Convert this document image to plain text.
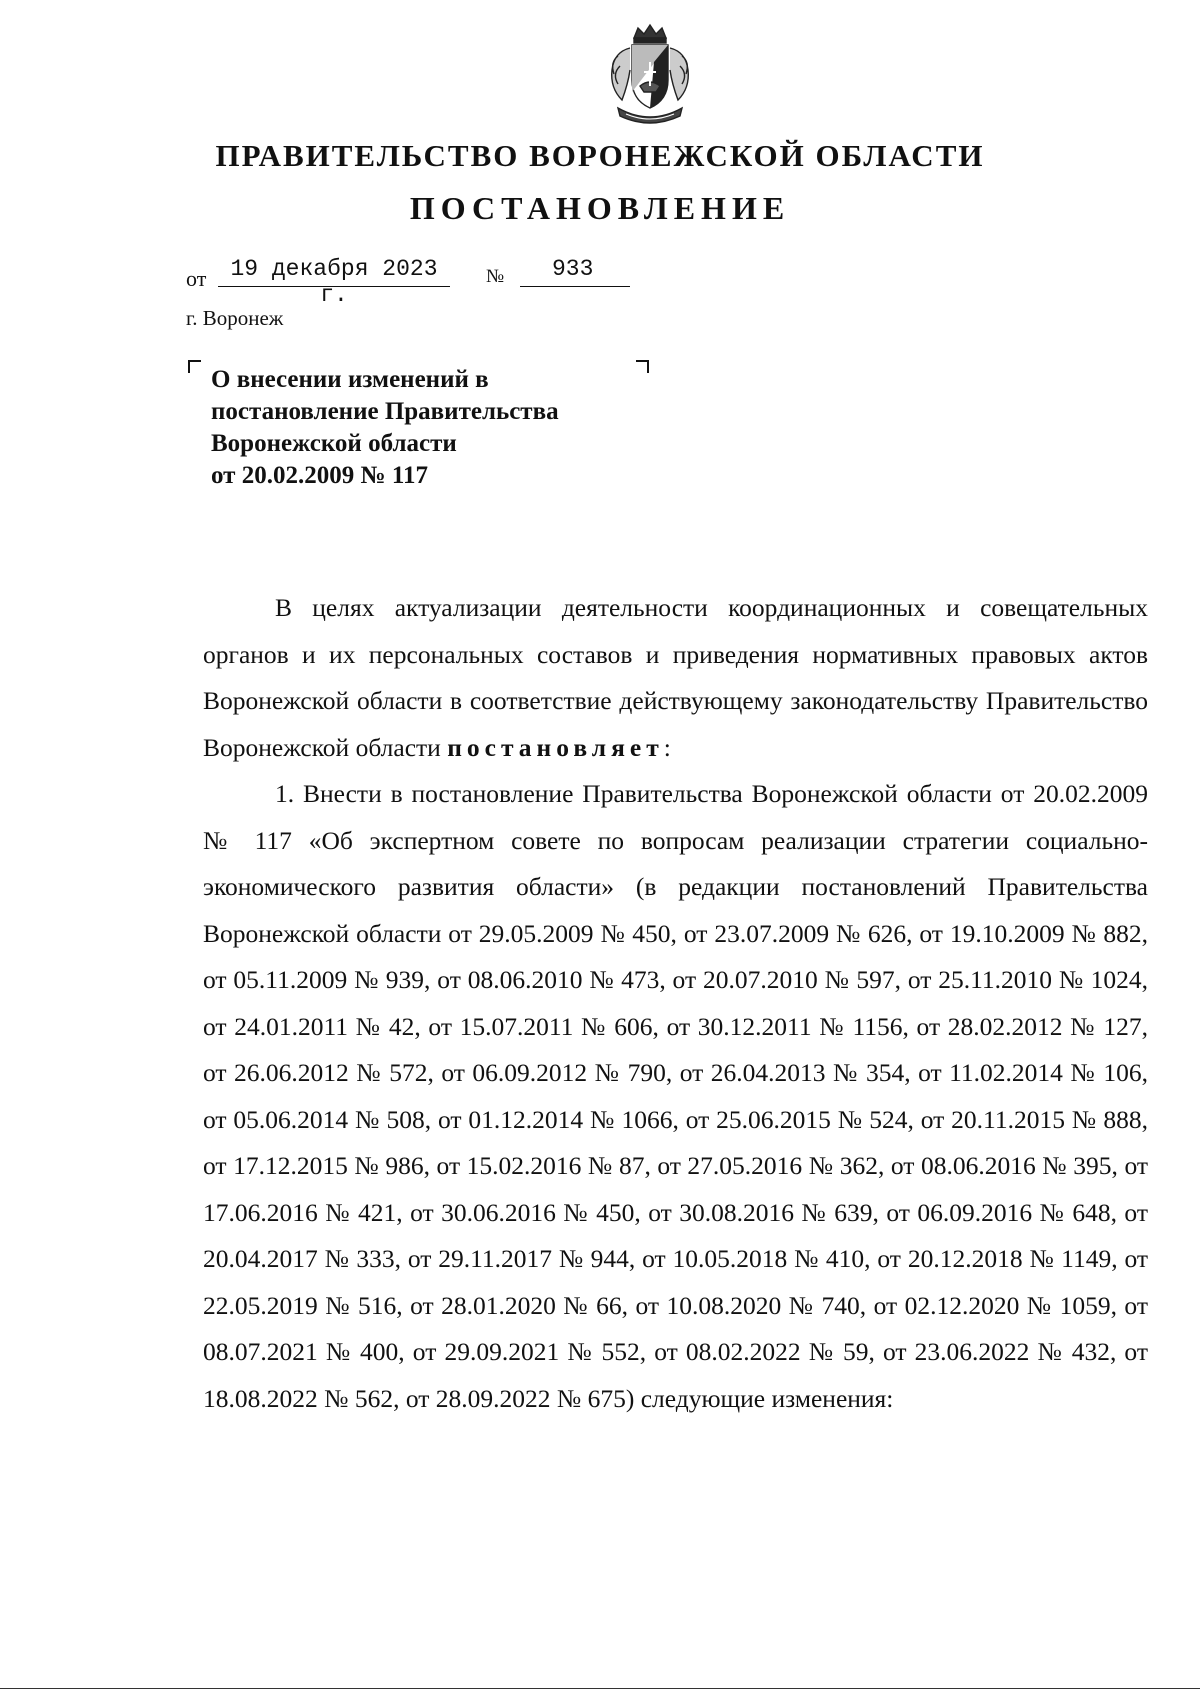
ПРАВИТЕЛЬСТВО ВОРОНЕЖСКОЙ ОБЛАСТИ
ПОСТАНОВЛЕНИЕ
от	19 декабря 2023 г.
№	933
г. Воронеж
О внесении изменений в
постановление Правительства
Воронежской области
от 20.02.2009 № 117

В целях актуализации деятельности координационных и совещательных органов и их персональных составов и приведения нормативных правовых актов Воронежской области в соответствие действующему законодательству Правительство Воронежской области постановляет:

1. Внести в постановление Правительства Воронежской области от 20.02.2009 № 117 «Об экспертном совете по вопросам реализации стратегии социально-экономического развития области» (в редакции постановлений Правительства Воронежской области от 29.05.2009 № 450, от 23.07.2009 № 626, от 19.10.2009 № 882, от 05.11.2009 № 939, от 08.06.2010 № 473, от 20.07.2010 № 597, от 25.11.2010 № 1024, от 24.01.2011 № 42, от 15.07.2011 № 606, от 30.12.2011 № 1156, от 28.02.2012 № 127, от 26.06.2012 № 572, от 06.09.2012 № 790, от 26.04.2013 № 354, от 11.02.2014 № 106, от 05.06.2014 № 508, от 01.12.2014 № 1066, от 25.06.2015 № 524, от 20.11.2015 № 888, от 17.12.2015 № 986, от 15.02.2016 № 87, от 27.05.2016 № 362, от 08.06.2016 № 395, от 17.06.2016 № 421, от 30.06.2016 № 450, от 30.08.2016 № 639, от 06.09.2016 № 648, от 20.04.2017 № 333, от 29.11.2017 № 944, от 10.05.2018 № 410, от 20.12.2018 № 1149, от 22.05.2019 № 516, от 28.01.2020 № 66, от 10.08.2020 № 740, от 02.12.2020 № 1059, от 08.07.2021 № 400, от 29.09.2021 № 552, от 08.02.2022 № 59, от 23.06.2022 № 432, от 18.08.2022 № 562, от 28.09.2022 № 675) следующие изменения:
